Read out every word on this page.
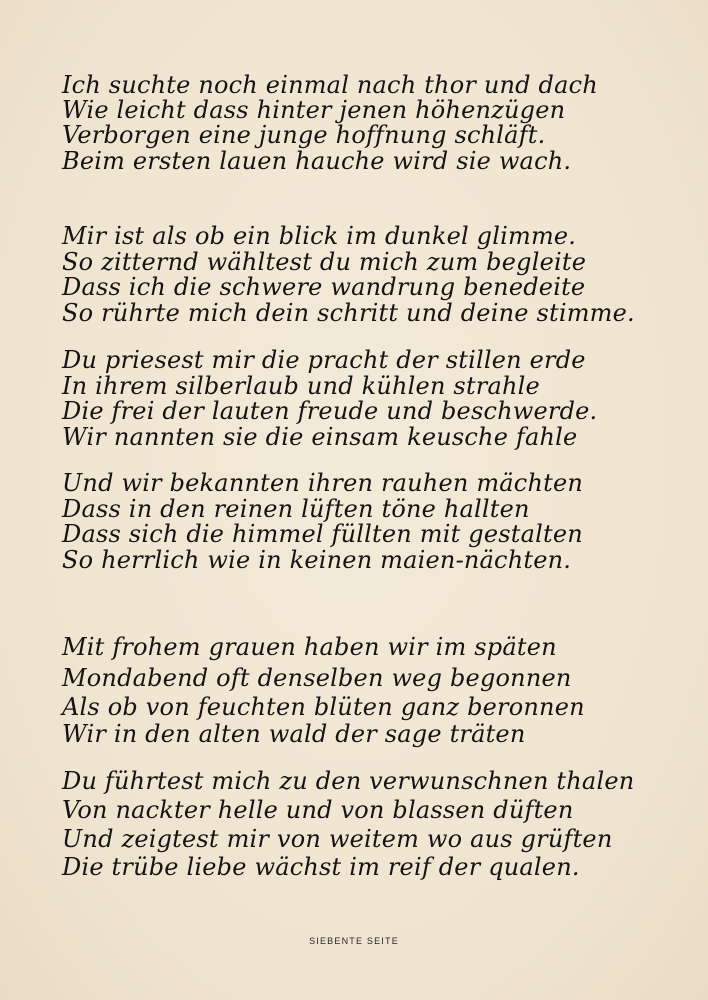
Ich suchte noch einmal nach thor und dach
Wie leicht dass hinter jenen höhenzügen
Verborgen eine junge hoffnung schläft.
Beim ersten lauen hauche wird sie wach.
Mir ist als ob ein blick im dunkel glimme.
So zitternd wähltest du mich zum begleite
Dass ich die schwere wandrung benedeite
So rührte mich dein schritt und deine stimme.
Du priesest mir die pracht der stillen erde
In ihrem silberlaub und kühlen strahle
Die frei der lauten freude und beschwerde.
Wir nannten sie die einsam keusche fahle
Und wir bekannten ihren rauhen mächten
Dass in den reinen lüften töne hallten
Dass sich die himmel füllten mit gestalten
So herrlich wie in keinen maien-nächten.
Mit frohem grauen haben wir im späten
Mondabend oft denselben weg begonnen
Als ob von feuchten blüten ganz beronnen
Wir in den alten wald der sage träten
Du führtest mich zu den verwunschnen thalen
Von nackter helle und von blassen düften
Und zeigtest mir von weitem wo aus grüften
Die trübe liebe wächst im reif der qualen.
SIEBENTE SEITE
